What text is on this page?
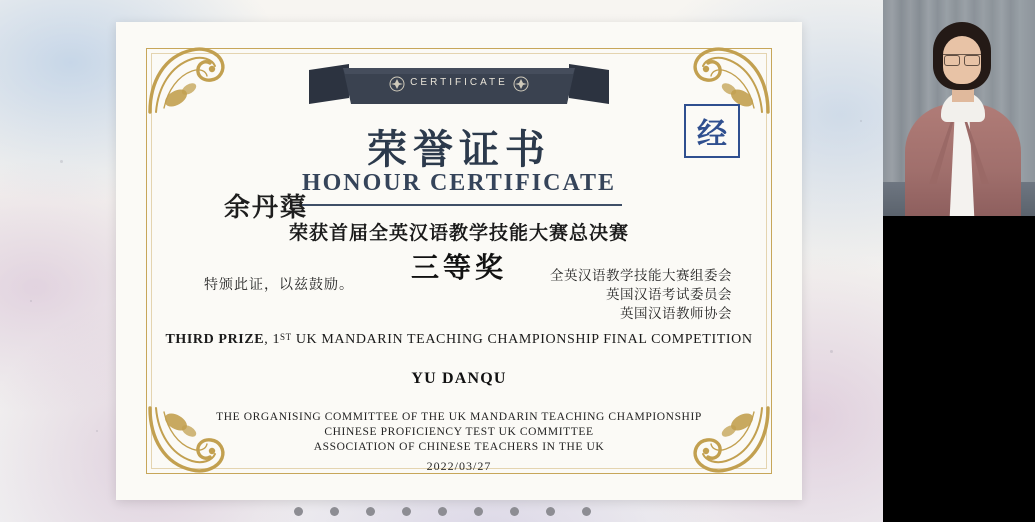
CERTIFICATE
经
荣誉证书
HONOUR CERTIFICATE
余丹蕖
荣获首届全英汉语教学技能大赛总决赛
三等奖
特颁此证，以兹鼓励。
全英汉语教学技能大赛组委会
英国汉语考试委员会
英国汉语教师协会
THIRD PRIZE, 1ST UK MANDARIN TEACHING CHAMPIONSHIP FINAL COMPETITION
YU DANQU
THE ORGANISING COMMITTEE OF THE UK MANDARIN TEACHING CHAMPIONSHIP
CHINESE PROFICIENCY TEST UK COMMITTEE
ASSOCIATION OF CHINESE TEACHERS IN THE UK
2022/03/27
